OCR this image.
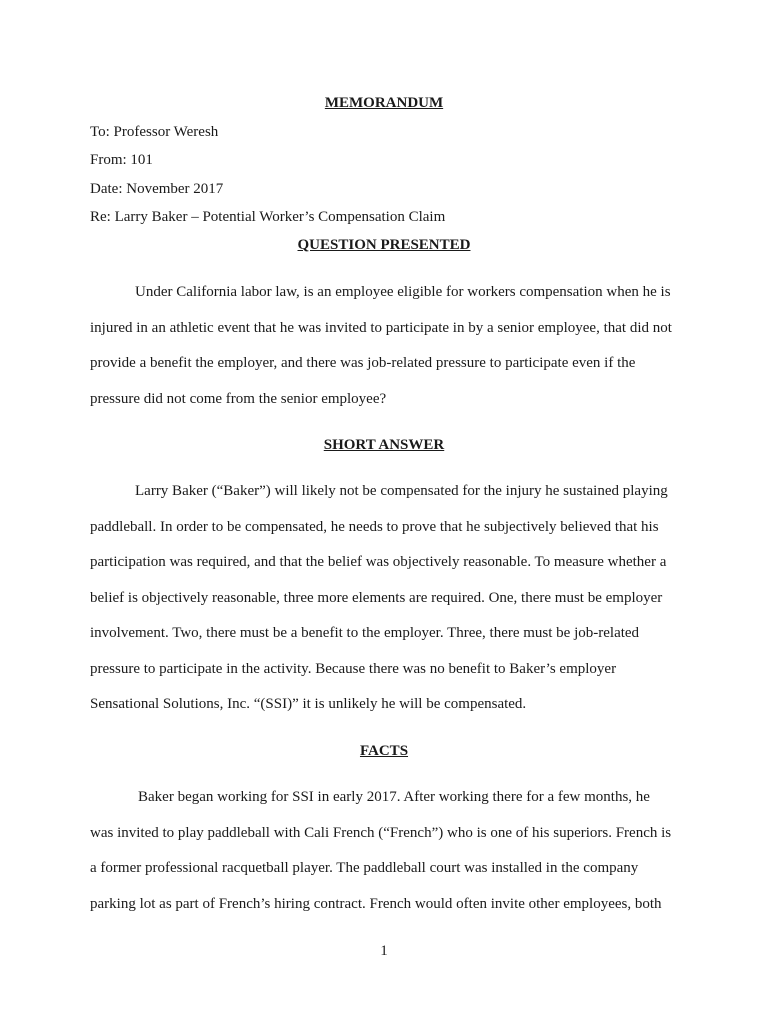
MEMORANDUM

To: Professor Weresh

From: 101

Date: November 2017

Re: Larry Baker – Potential Worker’s Compensation Claim

QUESTION PRESENTED
Under California labor law, is an employee eligible for workers compensation when he is
injured in an athletic event that he was invited to participate in by a senior employee, that did not
provide a benefit the employer, and there was job-related pressure to participate even if the
pressure did not come from the senior employee?
SHORT ANSWER
Larry Baker (“Baker”) will likely not be compensated for the injury he sustained playing
paddleball. In order to be compensated, he needs to prove that he subjectively believed that his
participation was required, and that the belief was objectively reasonable. To measure whether a
belief is objectively reasonable, three more elements are required. One, there must be employer
involvement. Two, there must be a benefit to the employer. Three, there must be job-related
pressure to participate in the activity. Because there was no benefit to Baker’s employer
Sensational Solutions, Inc. “(SSI)” it is unlikely he will be compensated.
FACTS
Baker began working for SSI in early 2017. After working there for a few months, he
was invited to play paddleball with Cali French (“French”) who is one of his superiors. French is
a former professional racquetball player. The paddleball court was installed in the company
parking lot as part of French’s hiring contract. French would often invite other employees, both
1
